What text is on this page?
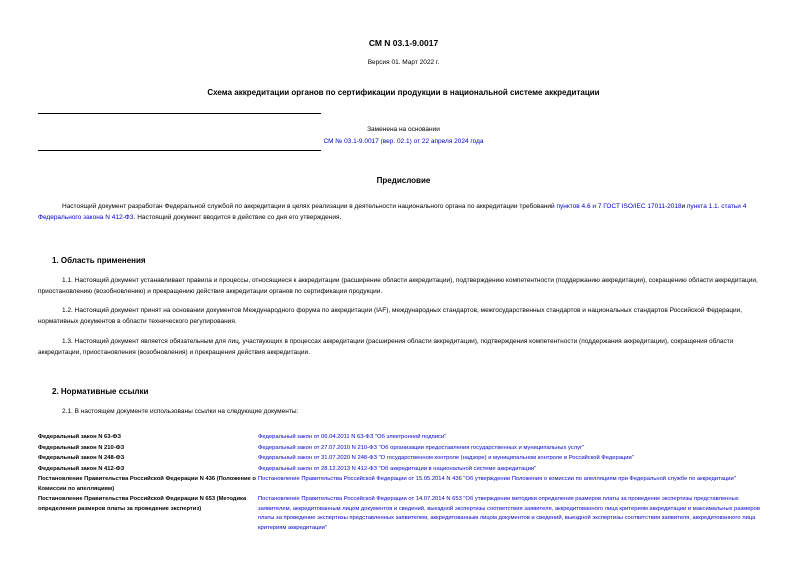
СМ N 03.1-9.0017
Версия 01. Март 2022 г.
Схема аккредитации органов по сертификации продукции в национальной системе аккредитации
Заменена на основании
СМ № 03.1-9.0017 (вер. 02.1) от 22 апреля 2024 года
Предисловие
Настоящий документ разработан Федеральной службой по аккредитации в целях реализации в деятельности национального органа по аккредитации требований пунктов 4.6 и 7 ГОСТ ISO/IEC 17011-2018и пункта 1.1. статьи 4 Федерального закона N 412-ФЗ. Настоящий документ вводится в действие со дня его утверждения.
1. Область применения
1.1. Настоящий документ устанавливает правила и процессы, относящиеся к аккредитации (расширение области аккредитации), подтверждению компетентности (поддержанию аккредитации), сокращению области аккредитации, приостановлению (возобновлению) и прекращению действия аккредитации органов по сертификации продукции.
1.2. Настоящий документ принят на основании документов Международного форума по аккредитации (IAF), международных стандартов, межгосударственных стандартов и национальных стандартов Российской Федерации, нормативных документов в области технического регулирования.
1.3. Настоящий документ является обязательным для лиц, участвующих в процессах аккредитации (расширения области аккредитации), подтверждения компетентности (поддержания аккредитации), сокращения области аккредитации, приостановления (возобновления) и прекращения действия аккредитации.
2. Нормативные ссылки
2.1. В настоящем документе использованы ссылки на следующие документы:
Федеральный закон N 63-ФЗ	Федеральный закон от 06.04.2011 N 63-ФЗ "Об электронной подписи"
Федеральный закон N 210-ФЗ	Федеральный закон от 27.07.2010 N 210-ФЗ "Об организации предоставления государственных и муниципальных услуг"
Федеральный закон N 248-ФЗ	Федеральный закон от 31.07.2020 N 248-ФЗ "О государственном контроле (надзоре) и муниципальном контроле в Российской Федерации"
Федеральный закон N 412-ФЗ	Федеральный закон от 28.12.2013 N 412-ФЗ "Об аккредитации в национальной системе аккредитации"
Постановление Правительства Российской Федерации N 436 (Положение о Комиссии по апелляциям)	Постановление Правительства Российской Федерации от 15.05.2014 N 436 "Об утверждении Положения о комиссии по апелляциям при Федеральной службе по аккредитации"
Постановление Правительства Российской Федерации N 653 (Методика определения размеров платы за проведение экспертиз)	Постановление Правительства Российской Федерации от 14.07.2014 N 653 "Об утверждении методики определения размеров платы за проведение экспертизы представленных заявителем, аккредитованным лицом документов и сведений, выездной экспертизы соответствия заявителя, аккредитованного лица критериям аккредитации и максимальных размеров платы за проведение экспертизы представленных заявителем, аккредитованным лицом документов и сведений, выездной экспертизы соответствия заявителя, аккредитованного лица критериям аккредитации"
